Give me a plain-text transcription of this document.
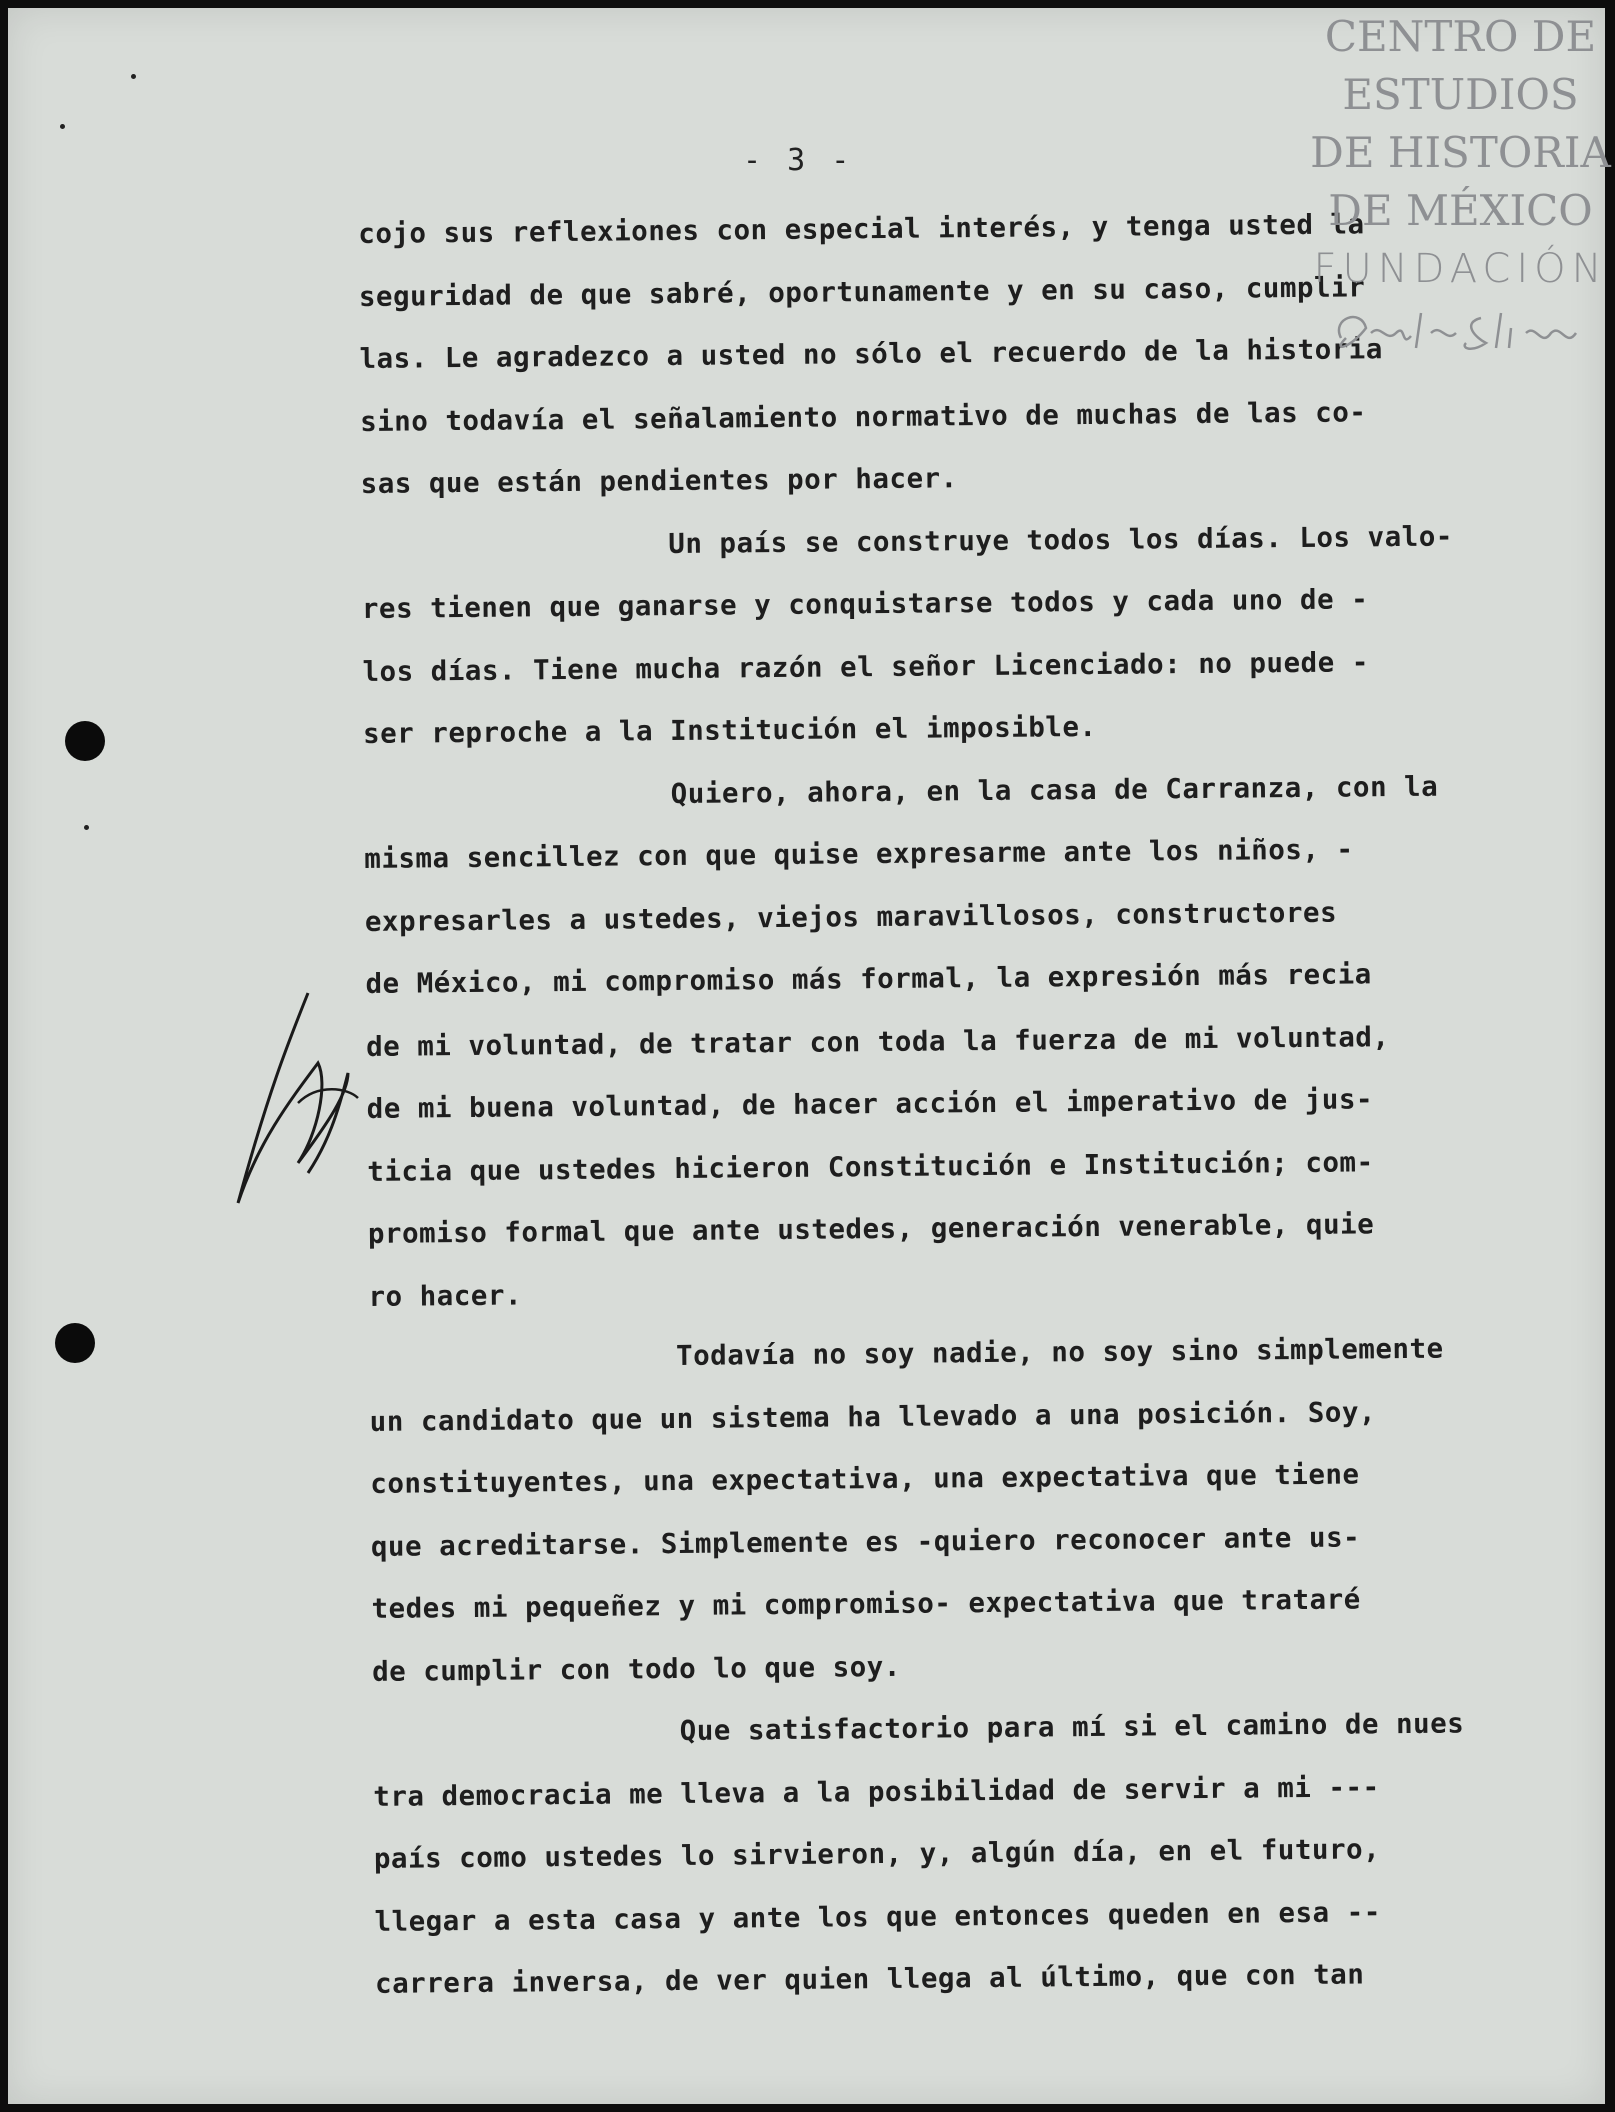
- 3 -
cojo sus reflexiones con especial interés, y tenga usted la
seguridad de que sabré, oportunamente y en su caso, cumplir
las. Le agradezco a usted no sólo el recuerdo de la historia
sino todavía el señalamiento normativo de muchas de las co-
sas que están pendientes por hacer.
Un país se construye todos los días. Los valo-
res tienen que ganarse y conquistarse todos y cada uno de -
los días. Tiene mucha razón el señor Licenciado: no puede -
ser reproche a la Institución el imposible.
Quiero, ahora, en la casa de Carranza, con la
misma sencillez con que quise expresarme ante los niños, -
expresarles a ustedes, viejos maravillosos, constructores
de México, mi compromiso más formal, la expresión más recia
de mi voluntad, de tratar con toda la fuerza de mi voluntad,
de mi buena voluntad, de hacer acción el imperativo de jus-
ticia que ustedes hicieron Constitución e Institución; com-
promiso formal que ante ustedes, generación venerable, quie
ro hacer.
Todavía no soy nadie, no soy sino simplemente
un candidato que un sistema ha llevado a una posición. Soy,
constituyentes, una expectativa, una expectativa que tiene
que acreditarse. Simplemente es -quiero reconocer ante us-
tedes mi pequeñez y mi compromiso- expectativa que trataré
de cumplir con todo lo que soy.
Que satisfactorio para mí si el camino de nues
tra democracia me lleva a la posibilidad de servir a mi ---
país como ustedes lo sirvieron, y, algún día, en el futuro,
llegar a esta casa y ante los que entonces queden en esa --
carrera inversa, de ver quien llega al último, que con tan
CENTRO DE
ESTUDIOS
DE HISTORIA
DE MÉXICO
FUNDACIÓN
